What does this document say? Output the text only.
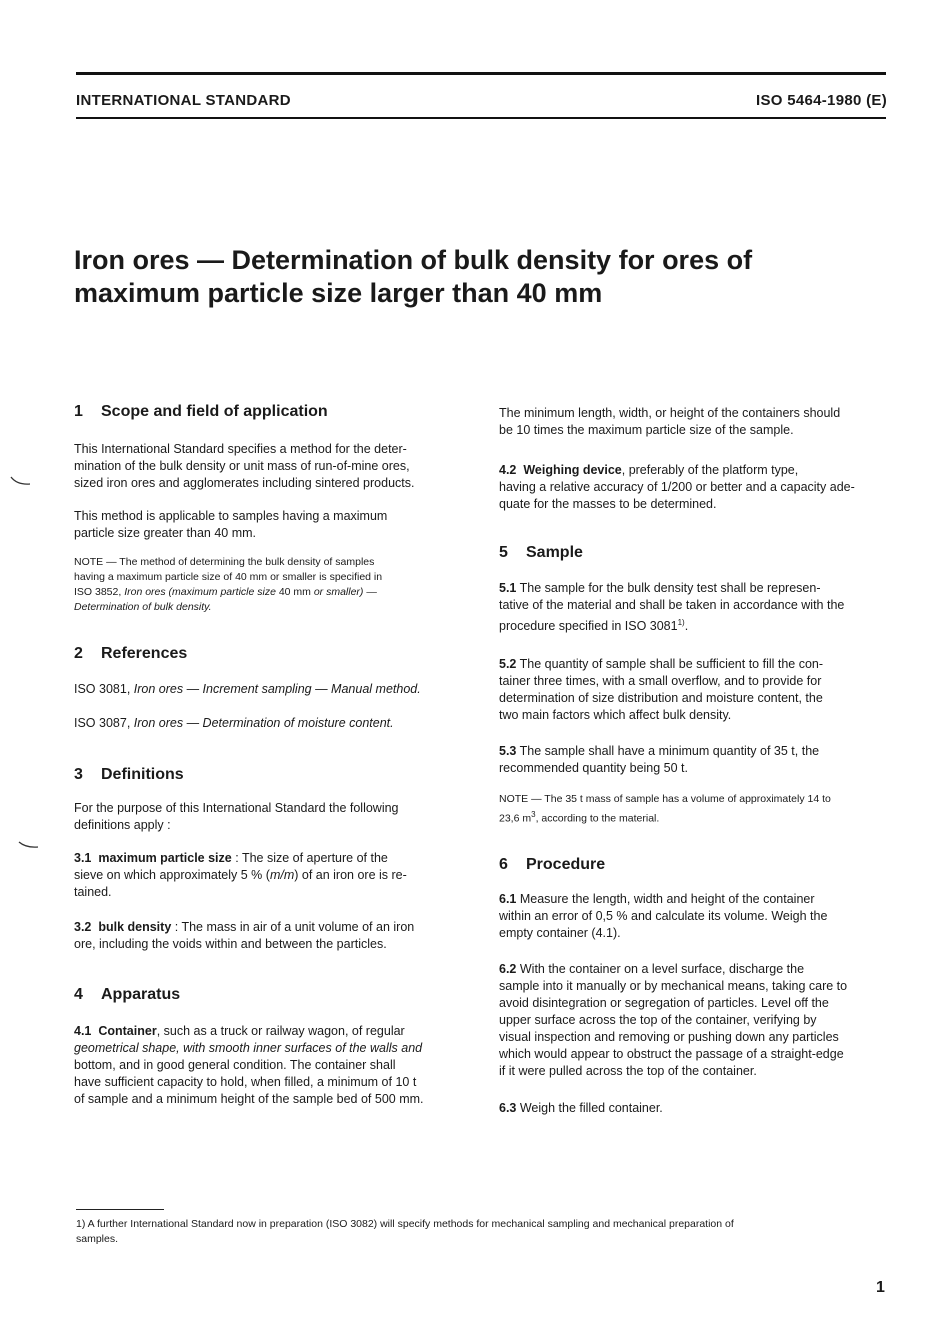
INTERNATIONAL STANDARD	ISO 5464-1980 (E)
Iron ores — Determination of bulk density for ores of
maximum particle size larger than 40 mm
1 Scope and field of application

This International Standard specifies a method for the deter-
mination of the bulk density or unit mass of run-of-mine ores,
sized iron ores and agglomerates including sintered products.

This method is applicable to samples having a maximum
particle size greater than 40 mm.

NOTE — The method of determining the bulk density of samples
having a maximum particle size of 40 mm or smaller is specified in
ISO 3852, Iron ores (maximum particle size 40 mm or smaller) —
Determination of bulk density.

2 References

ISO 3081, Iron ores — Increment sampling — Manual method.

ISO 3087, Iron ores — Determination of moisture content.

3 Definitions

For the purpose of this International Standard the following
definitions apply :

3.1 maximum particle size : The size of aperture of the
sieve on which approximately 5 % (m/m) of an iron ore is re-
tained.

3.2 bulk density : The mass in air of a unit volume of an iron
ore, including the voids within and between the particles.

4 Apparatus

4.1 Container, such as a truck or railway wagon, of regular
geometrical shape, with smooth inner surfaces of the walls and
bottom, and in good general condition. The container shall
have sufficient capacity to hold, when filled, a minimum of 10 t
of sample and a minimum height of the sample bed of 500 mm.

The minimum length, width, or height of the containers should
be 10 times the maximum particle size of the sample.

4.2 Weighing device, preferably of the platform type,
having a relative accuracy of 1/200 or better and a capacity ade-
quate for the masses to be determined.

5 Sample

5.1 The sample for the bulk density test shall be represen-
tative of the material and shall be taken in accordance with the
procedure specified in ISO 3081$^{1)}$.

5.2 The quantity of sample shall be sufficient to fill the con-
tainer three times, with a small overflow, and to provide for
determination of size distribution and moisture content, the
two main factors which affect bulk density.

5.3 The sample shall have a minimum quantity of 35 t, the
recommended quantity being 50 t.

NOTE — The 35 t mass of sample has a volume of approximately 14 to
23,6 $m^3$, according to the material.

6 Procedure

6.1 Measure the length, width and height of the container
within an error of 0,5 % and calculate its volume. Weigh the
empty container (4.1).

6.2 With the container on a level surface, discharge the
sample into it manually or by mechanical means, taking care to
avoid disintegration or segregation of particles. Level off the
upper surface across the top of the container, verifying by
visual inspection and removing or pushing down any particles
which would appear to obstruct the passage of a straight-edge
if it were pulled across the top of the container.

6.3 Weigh the filled container.

1) A further International Standard now in preparation (ISO 3082) will specify methods for mechanical sampling and mechanical preparation of
samples.

1
